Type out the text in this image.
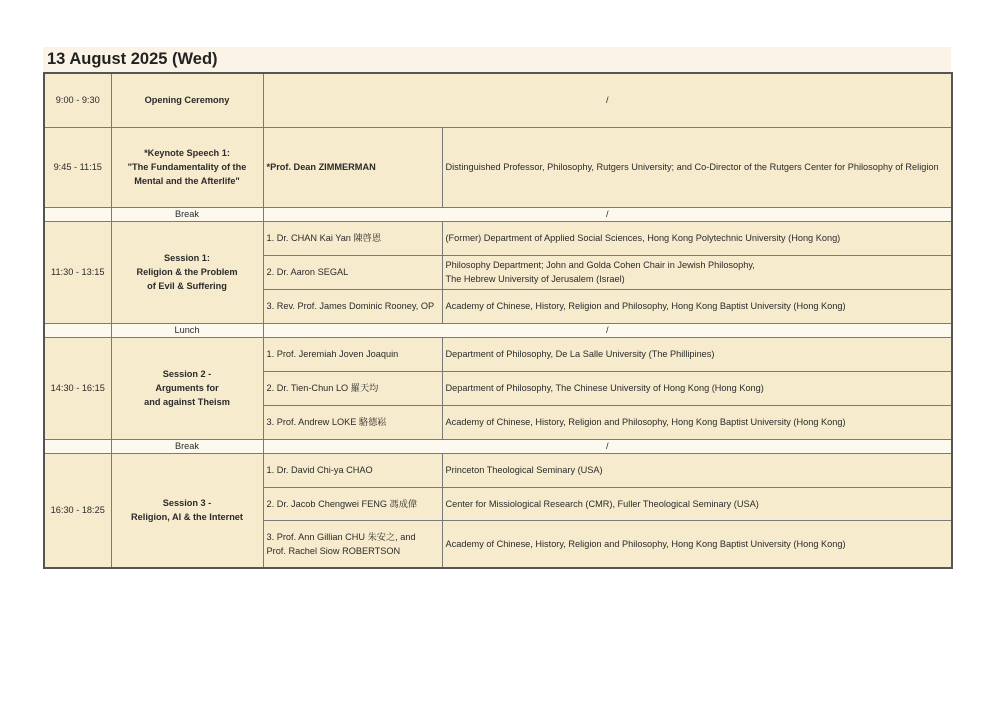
13 August 2025 (Wed)
9:00 - 9:30	Opening Ceremony	/	
9:45 - 11:15	*Keynote Speech 1:
"The Fundamentality of the
Mental and the Afterlife"	*Prof. Dean ZIMMERMAN	Distinguished Professor, Philosophy, Rutgers University; and Co-Director of the Rutgers Center for Philosophy of Religion
	Break	/	
11:30 - 13:15	Session 1:
Religion & the Problem
of Evil & Suffering	1. Dr. CHAN Kai Yan 陳啓恩	(Former) Department of Applied Social Sciences, Hong Kong Polytechnic University (Hong Kong)
		2. Dr. Aaron SEGAL	Philosophy Department; John and Golda Cohen Chair in Jewish Philosophy,
The Hebrew University of Jerusalem (Israel)

		3. Rev. Prof. James Dominic Rooney, OP	Academy of Chinese, History, Religion and Philosophy, Hong Kong Baptist University (Hong Kong)
	Lunch	/	
14:30 - 16:15	Session 2 -
Arguments for
and against Theism	1. Prof. Jeremiah Joven Joaquin	Department of Philosophy, De La Salle University (The Phillipines)
		2. Dr. Tien-Chun LO 羅天均	Department of Philosophy, The Chinese University of Hong Kong (Hong Kong)
		3. Prof. Andrew LOKE 駱德崧	Academy of Chinese, History, Religion and Philosophy, Hong Kong Baptist University (Hong Kong)
	Break	/	
16:30 - 18:25	Session 3 -
Religion, AI & the Internet	1. Dr. David Chi-ya CHAO	Princeton Theological Seminary (USA)
		2. Dr. Jacob Chengwei FENG 馮成偉	Center for Missiological Research (CMR), Fuller Theological Seminary (USA)

		3. Prof. Ann Gillian CHU 朱安之, and
Prof. Rachel Siow ROBERTSON	Academy of Chinese, History, Religion and Philosophy, Hong Kong Baptist University (Hong Kong)
